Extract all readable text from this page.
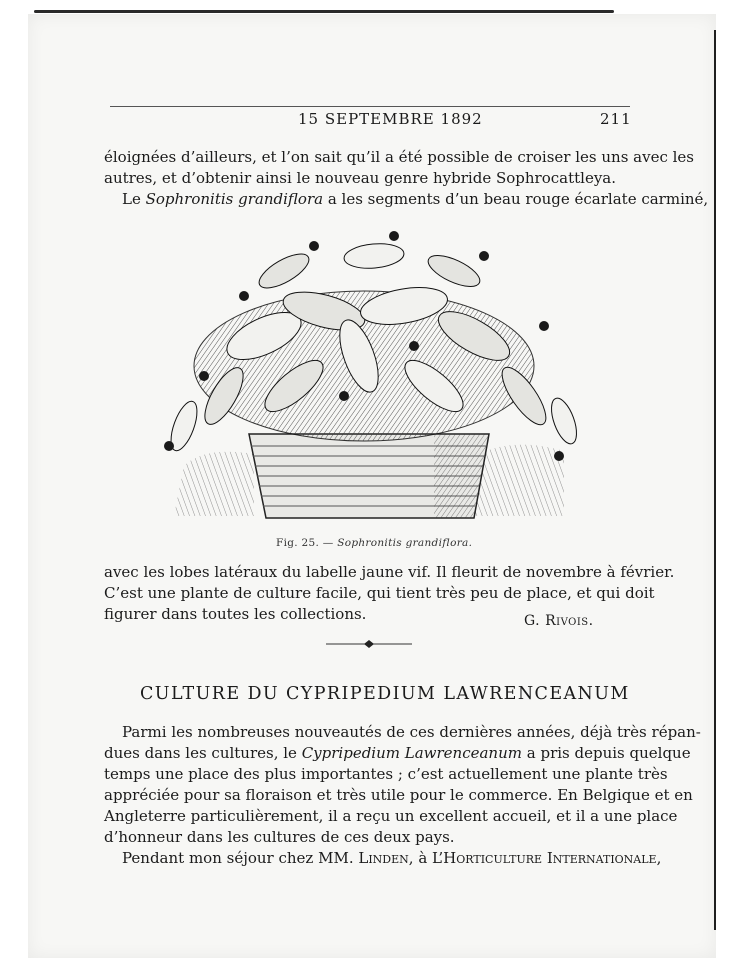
15 SEPTEMBRE 1892	211
éloignées d’ailleurs, et l’on sait qu’il a été possible de croiser les uns avec les
autres, et d’obtenir ainsi le nouveau genre hybride Sophrocattleya.
Le Sophronitis grandiflora a les segments d’un beau rouge écarlate carminé,
Fig. 25. — Sophronitis grandiflora.
avec les lobes latéraux du labelle jaune vif. Il fleurit de novembre à février.
C’est une plante de culture facile, qui tient très peu de place, et qui doit
figurer dans toutes les collections.	G. Rivois.
CULTURE DU CYPRIPEDIUM LAWRENCEANUM
Parmi les nombreuses nouveautés de ces dernières années, déjà très répan-
dues dans les cultures, le Cypripedium Lawrenceanum a pris depuis quelque
temps une place des plus importantes ; c’est actuellement une plante très
appréciée pour sa floraison et très utile pour le commerce. En Belgique et en
Angleterre particulièrement, il a reçu un excellent accueil, et il a une place
d’honneur dans les cultures de ces deux pays.
Pendant mon séjour chez MM. Linden, à L’Horticulture Internationale,
